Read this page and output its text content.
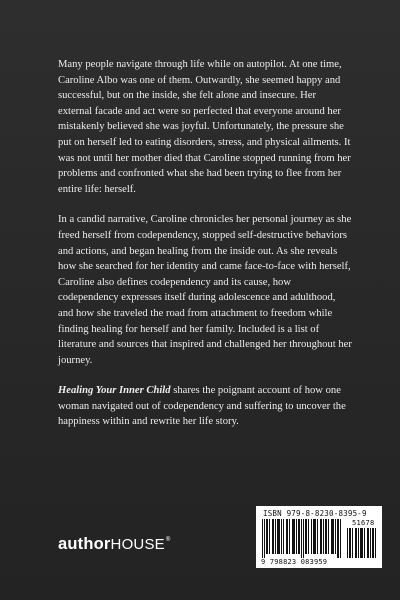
Many people navigate through life while on autopilot. At one time, Caroline Albo was one of them. Outwardly, she seemed happy and successful, but on the inside, she felt alone and insecure. Her external facade and act were so perfected that everyone around her mistakenly believed she was joyful. Unfortunately, the pressure she put on herself led to eating disorders, stress, and physical ailments. It was not until her mother died that Caroline stopped running from her problems and confronted what she had been trying to flee from her entire life: herself.

In a candid narrative, Caroline chronicles her personal journey as she freed herself from codependency, stopped self-destructive behaviors and actions, and began healing from the inside out. As she reveals how she searched for her identity and came face-to-face with herself, Caroline also defines codependency and its cause, how codependency expresses itself during adolescence and adulthood, and how she traveled the road from attachment to freedom while finding healing for herself and her family. Included is a list of literature and sources that inspired and challenged her throughout her journey.

Healing Your Inner Child shares the poignant account of how one woman navigated out of codependency and suffering to uncover the happiness within and rewrite her life story.

authorHOUSE®
ISBN 979-8-8230-8395-9
51678
9 798823 083959
